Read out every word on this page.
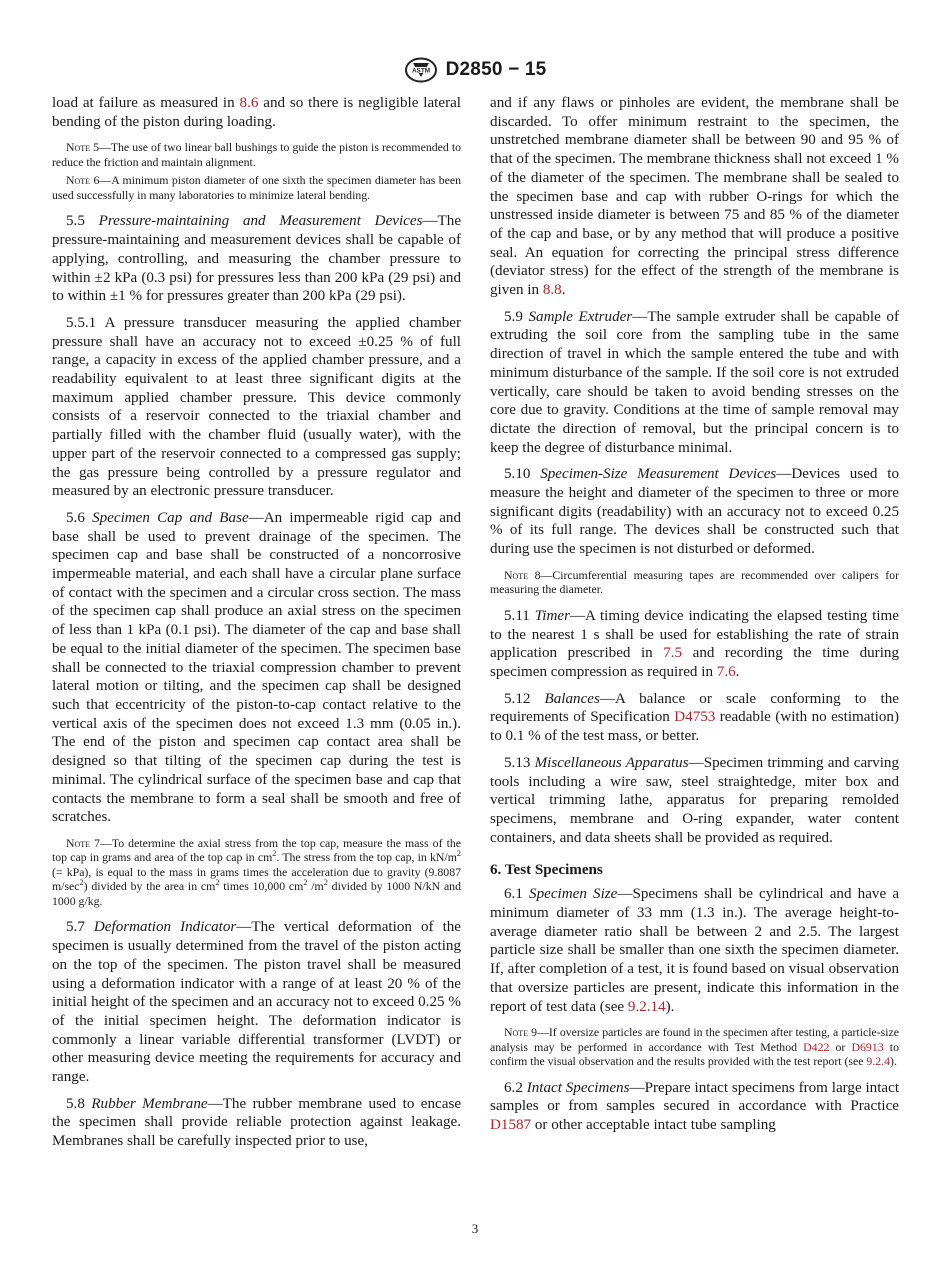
ASTM D2850 − 15

load at failure as measured in 8.6 and so there is negligible lateral bending of the piston during loading.

Note 5—The use of two linear ball bushings to guide the piston is recommended to reduce the friction and maintain alignment.

Note 6—A minimum piston diameter of one sixth the specimen diameter has been used successfully in many laboratories to minimize lateral bending.

5.5 Pressure-maintaining and Measurement Devices—The pressure-maintaining and measurement devices shall be capable of applying, controlling, and measuring the chamber pressure to within ±2 kPa (0.3 psi) for pressures less than 200 kPa (29 psi) and to within ±1 % for pressures greater than 200 kPa (29 psi).

5.5.1 A pressure transducer measuring the applied chamber pressure shall have an accuracy not to exceed ±0.25 % of full range, a capacity in excess of the applied chamber pressure, and a readability equivalent to at least three significant digits at the maximum applied chamber pressure. This device commonly consists of a reservoir connected to the triaxial chamber and partially filled with the chamber fluid (usually water), with the upper part of the reservoir connected to a compressed gas supply; the gas pressure being controlled by a pressure regulator and measured by an electronic pressure transducer.

5.6 Specimen Cap and Base—An impermeable rigid cap and base shall be used to prevent drainage of the specimen. The specimen cap and base shall be constructed of a noncorrosive impermeable material, and each shall have a circular plane surface of contact with the specimen and a circular cross section. The mass of the specimen cap shall produce an axial stress on the specimen of less than 1 kPa (0.1 psi). The diameter of the cap and base shall be equal to the initial diameter of the specimen. The specimen base shall be connected to the triaxial compression chamber to prevent lateral motion or tilting, and the specimen cap shall be designed such that eccentricity of the piston-to-cap contact relative to the vertical axis of the specimen does not exceed 1.3 mm (0.05 in.). The end of the piston and specimen cap contact area shall be designed so that tilting of the specimen cap during the test is minimal. The cylindrical surface of the specimen base and cap that contacts the membrane to form a seal shall be smooth and free of scratches.

Note 7—To determine the axial stress from the top cap, measure the mass of the top cap in grams and area of the top cap in $cm^2$. The stress from the top cap, in $kN/m^2$ (= kPa), is equal to the mass in grams times the acceleration due to gravity (9.8087 $m/\sec^2$) divided by the area in $cm^2$ times 10,000 $cm^2$ $/m^2$ divided by 1000 N/kN and 1000 g/kg.

5.7 Deformation Indicator—The vertical deformation of the specimen is usually determined from the travel of the piston acting on the top of the specimen. The piston travel shall be measured using a deformation indicator with a range of at least 20 % of the initial height of the specimen and an accuracy not to exceed 0.25 % of the initial specimen height. The deformation indicator is commonly a linear variable differential transformer (LVDT) or other measuring device meeting the requirements for accuracy and range.

5.8 Rubber Membrane—The rubber membrane used to encase the specimen shall provide reliable protection against leakage. Membranes shall be carefully inspected prior to use,

and if any flaws or pinholes are evident, the membrane shall be discarded. To offer minimum restraint to the specimen, the unstretched membrane diameter shall be between 90 and 95 % of that of the specimen. The membrane thickness shall not exceed 1 % of the diameter of the specimen. The membrane shall be sealed to the specimen base and cap with rubber O-rings for which the unstressed inside diameter is between 75 and 85 % of the diameter of the cap and base, or by any method that will produce a positive seal. An equation for correcting the principal stress difference (deviator stress) for the effect of the strength of the membrane is given in 8.8.

5.9 Sample Extruder—The sample extruder shall be capable of extruding the soil core from the sampling tube in the same direction of travel in which the sample entered the tube and with minimum disturbance of the sample. If the soil core is not extruded vertically, care should be taken to avoid bending stresses on the core due to gravity. Conditions at the time of sample removal may dictate the direction of removal, but the principal concern is to keep the degree of disturbance minimal.

5.10 Specimen-Size Measurement Devices—Devices used to measure the height and diameter of the specimen to three or more significant digits (readability) with an accuracy not to exceed 0.25 % of its full range. The devices shall be constructed such that during use the specimen is not disturbed or deformed.

Note 8—Circumferential measuring tapes are recommended over calipers for measuring the diameter.

5.11 Timer—A timing device indicating the elapsed testing time to the nearest 1 s shall be used for establishing the rate of strain application prescribed in 7.5 and recording the time during specimen compression as required in 7.6.

5.12 Balances—A balance or scale conforming to the requirements of Specification D4753 readable (with no estimation) to 0.1 % of the test mass, or better.

5.13 Miscellaneous Apparatus—Specimen trimming and carving tools including a wire saw, steel straightedge, miter box and vertical trimming lathe, apparatus for preparing remolded specimens, membrane and O-ring expander, water content containers, and data sheets shall be provided as required.

6. Test Specimens

6.1 Specimen Size—Specimens shall be cylindrical and have a minimum diameter of 33 mm (1.3 in.). The average height-to-average diameter ratio shall be between 2 and 2.5. The largest particle size shall be smaller than one sixth the specimen diameter. If, after completion of a test, it is found based on visual observation that oversize particles are present, indicate this information in the report of test data (see 9.2.14).

Note 9—If oversize particles are found in the specimen after testing, a particle-size analysis may be performed in accordance with Test Method D422 or D6913 to confirm the visual observation and the results provided with the test report (see 9.2.4).

6.2 Intact Specimens—Prepare intact specimens from large intact samples or from samples secured in accordance with Practice D1587 or other acceptable intact tube sampling

3
